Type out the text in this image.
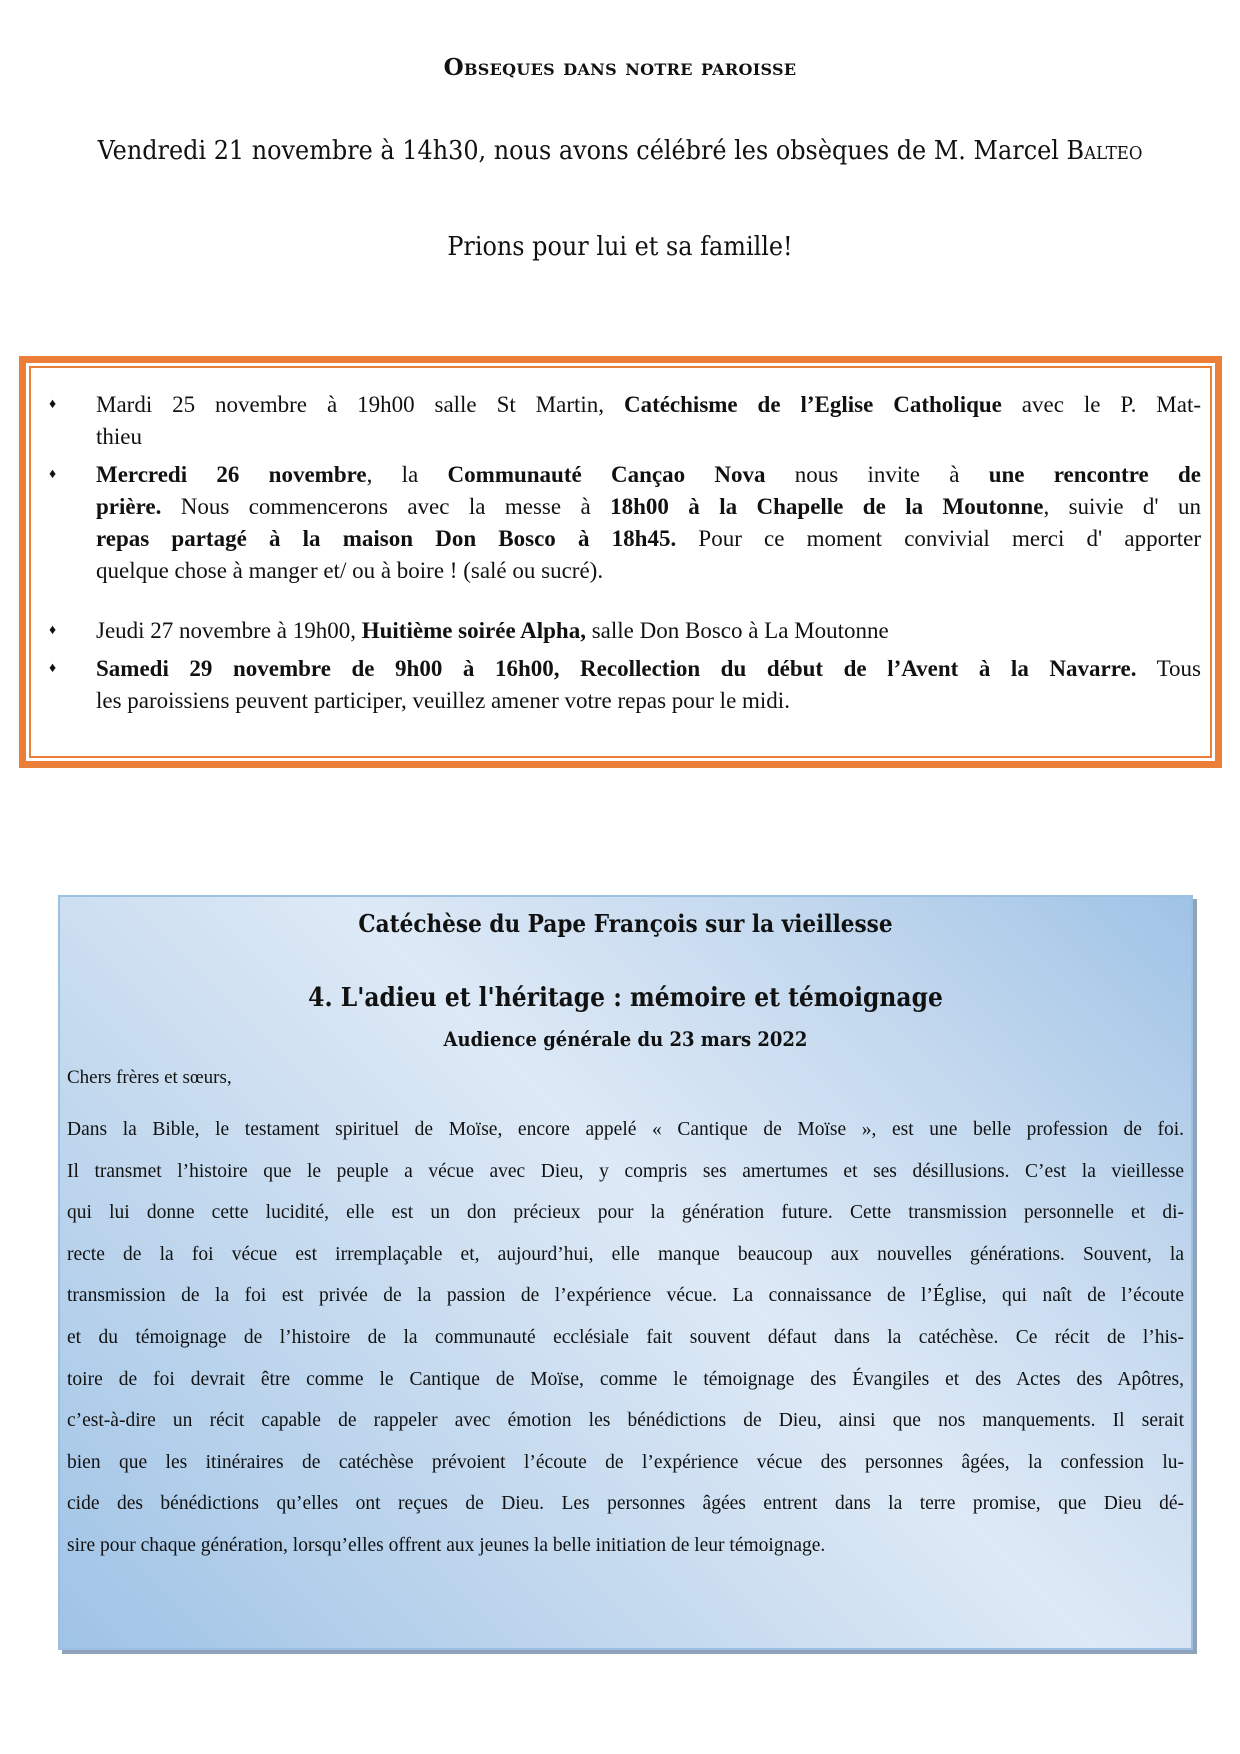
Obseques dans notre paroisse
Vendredi 21 novembre à 14h30, nous avons célébré les obsèques de M. Marcel Balteo
Prions pour lui et sa famille!
♦ Mardi 25 novembre à 19h00 salle St Martin, Catéchisme de l’Eglise Catholique avec le P. Mat-
thieu
♦ Mercredi 26 novembre, la Communauté Cançao Nova nous invite à une rencontre de
prière. Nous commencerons avec la messe à 18h00 à la Chapelle de la Moutonne, suivie d' un
repas partagé à la maison Don Bosco à 18h45. Pour ce moment convivial merci d' apporter
quelque chose à manger et/ ou à boire ! (salé ou sucré).
♦ Jeudi 27 novembre à 19h00, Huitième soirée Alpha, salle Don Bosco à La Moutonne
♦ Samedi 29 novembre de 9h00 à 16h00, Recollection du début de l’Avent à la Navarre. Tous
les paroissiens peuvent participer, veuillez amener votre repas pour le midi.
Catéchèse du Pape François sur la vieillesse
4. L'adieu et l'héritage : mémoire et témoignage
Audience générale du 23 mars 2022
Chers frères et sœurs,
Dans la Bible, le testament spirituel de Moïse, encore appelé « Cantique de Moïse », est une belle profession de foi.
Il transmet l’histoire que le peuple a vécue avec Dieu, y compris ses amertumes et ses désillusions. C’est la vieillesse
qui lui donne cette lucidité, elle est un don précieux pour la génération future. Cette transmission personnelle et di-
recte de la foi vécue est irremplaçable et, aujourd’hui, elle manque beaucoup aux nouvelles générations. Souvent, la
transmission de la foi est privée de la passion de l’expérience vécue. La connaissance de l’Église, qui naît de l’écoute
et du témoignage de l’histoire de la communauté ecclésiale fait souvent défaut dans la catéchèse. Ce récit de l’his-
toire de foi devrait être comme le Cantique de Moïse, comme le témoignage des Évangiles et des Actes des Apôtres,
c’est-à-dire un récit capable de rappeler avec émotion les bénédictions de Dieu, ainsi que nos manquements. Il serait
bien que les itinéraires de catéchèse prévoient l’écoute de l’expérience vécue des personnes âgées, la confession lu-
cide des bénédictions qu’elles ont reçues de Dieu. Les personnes âgées entrent dans la terre promise, que Dieu dé-
sire pour chaque génération, lorsqu’elles offrent aux jeunes la belle initiation de leur témoignage.
